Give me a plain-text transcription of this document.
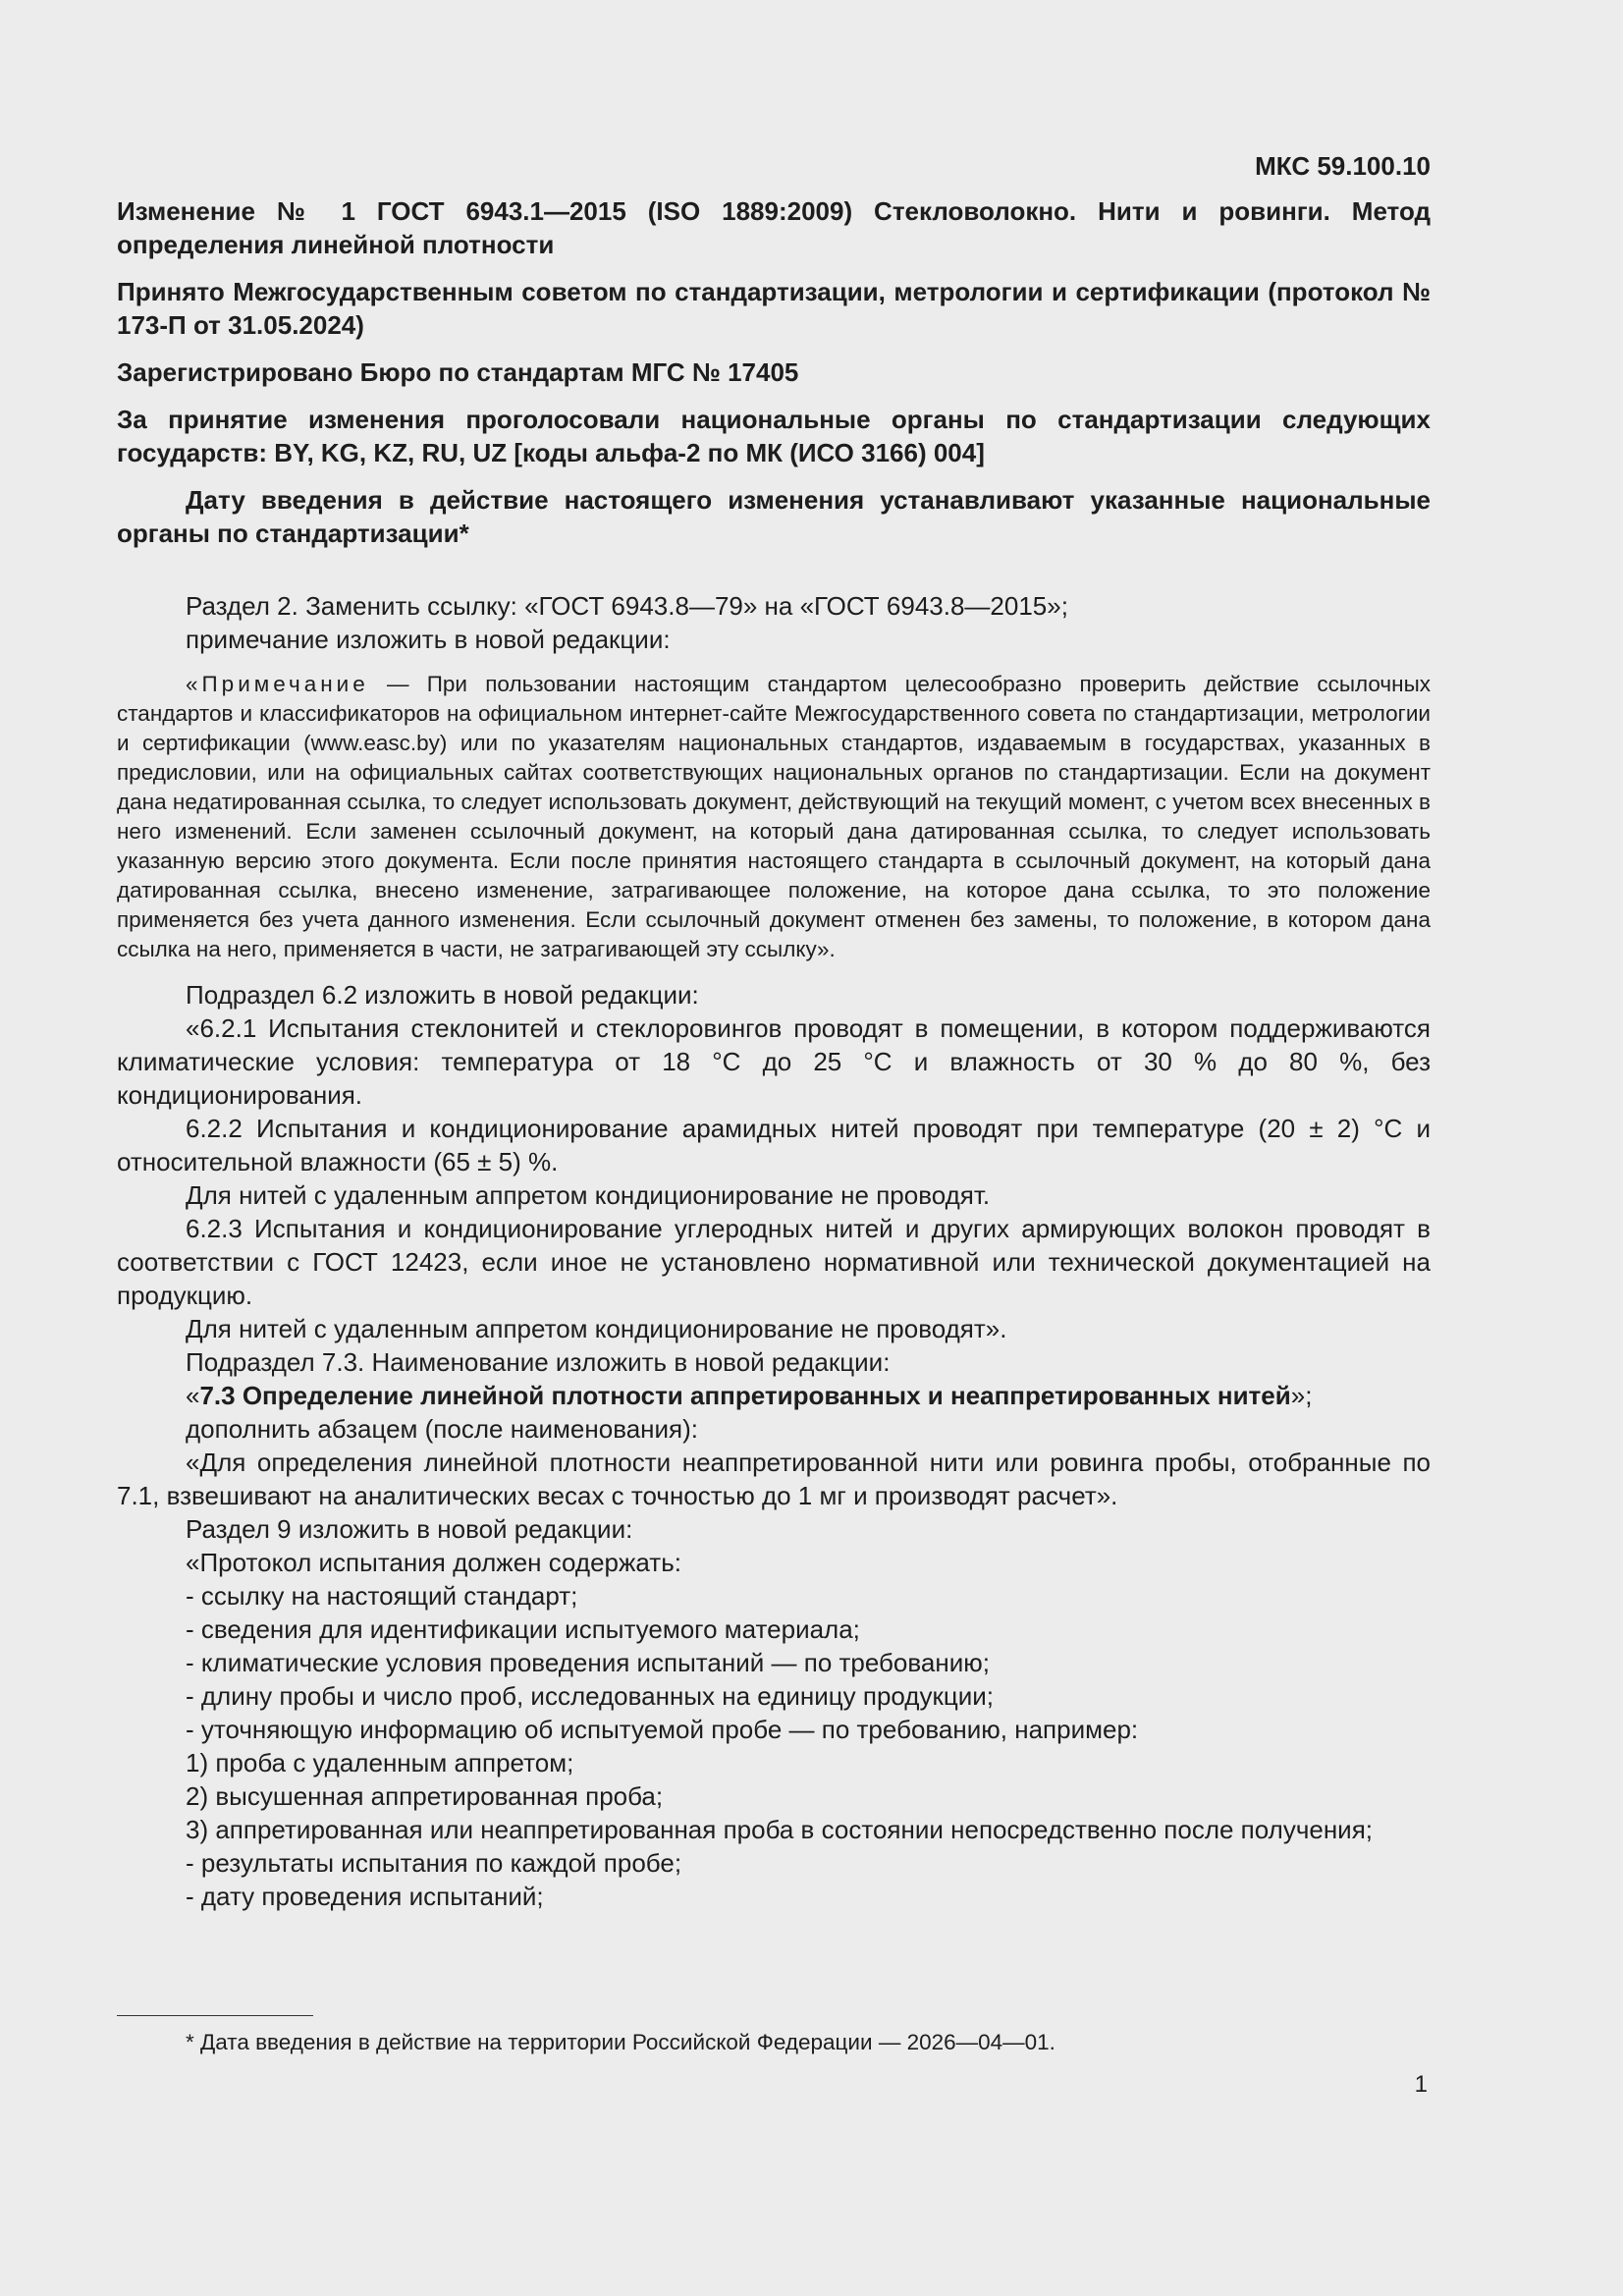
МКС 59.100.10
Изменение № 1 ГОСТ 6943.1—2015 (ISO 1889:2009) Стекловолокно. Нити и ровинги. Метод определения линейной плотности
Принято Межгосударственным советом по стандартизации, метрологии и сертификации (протокол № 173-П от 31.05.2024)
Зарегистрировано Бюро по стандартам МГС № 17405
За принятие изменения проголосовали национальные органы по стандартизации следующих государств: BY, KG, KZ, RU, UZ [коды альфа-2 по МК (ИСО 3166) 004]
Дату введения в действие настоящего изменения устанавливают указанные национальные органы по стандартизации*

Раздел 2. Заменить ссылку: «ГОСТ 6943.8—79» на «ГОСТ 6943.8—2015»;

примечание изложить в новой редакции:

«Примечание — При пользовании настоящим стандартом целесообразно проверить действие ссылочных стандартов и классификаторов на официальном интернет-сайте Межгосударственного совета по стандартизации, метрологии и сертификации (www.easc.by) или по указателям национальных стандартов, издаваемым в государствах, указанных в предисловии, или на официальных сайтах соответствующих национальных органов по стандартизации. Если на документ дана недатированная ссылка, то следует использовать документ, действующий на текущий момент, с учетом всех внесенных в него изменений. Если заменен ссылочный документ, на который дана датированная ссылка, то следует использовать указанную версию этого документа. Если после принятия настоящего стандарта в ссылочный документ, на который дана датированная ссылка, внесено изменение, затрагивающее положение, на которое дана ссылка, то это положение применяется без учета данного изменения. Если ссылочный документ отменен без замены, то положение, в котором дана ссылка на него, применяется в части, не затрагивающей эту ссылку».

Подраздел 6.2 изложить в новой редакции:

«6.2.1 Испытания стеклонитей и стеклоровингов проводят в помещении, в котором поддерживаются климатические условия: температура от 18 °С до 25 °С и влажность от 30 % до 80 %, без кондиционирования.

6.2.2 Испытания и кондиционирование арамидных нитей проводят при температуре (20 ± 2) °С и относительной влажности (65 ± 5) %.

Для нитей с удаленным аппретом кондиционирование не проводят.

6.2.3 Испытания и кондиционирование углеродных нитей и других армирующих волокон проводят в соответствии с ГОСТ 12423, если иное не установлено нормативной или технической документацией на продукцию.

Для нитей с удаленным аппретом кондиционирование не проводят».

Подраздел 7.3. Наименование изложить в новой редакции:

«7.3 Определение линейной плотности аппретированных и неаппретированных нитей»;

дополнить абзацем (после наименования):

«Для определения линейной плотности неаппретированной нити или ровинга пробы, отобранные по 7.1, взвешивают на аналитических весах с точностью до 1 мг и производят расчет».

Раздел 9 изложить в новой редакции:

«Протокол испытания должен содержать:

- ссылку на настоящий стандарт;

- сведения для идентификации испытуемого материала;

- климатические условия проведения испытаний — по требованию;

- длину пробы и число проб, исследованных на единицу продукции;

- уточняющую информацию об испытуемой пробе — по требованию, например:

1) проба с удаленным аппретом;

2) высушенная аппретированная проба;

3) аппретированная или неаппретированная проба в состоянии непосредственно после получения;

- результаты испытания по каждой пробе;

- дату проведения испытаний;

* Дата введения в действие на территории Российской Федерации — 2026—04—01.

1
